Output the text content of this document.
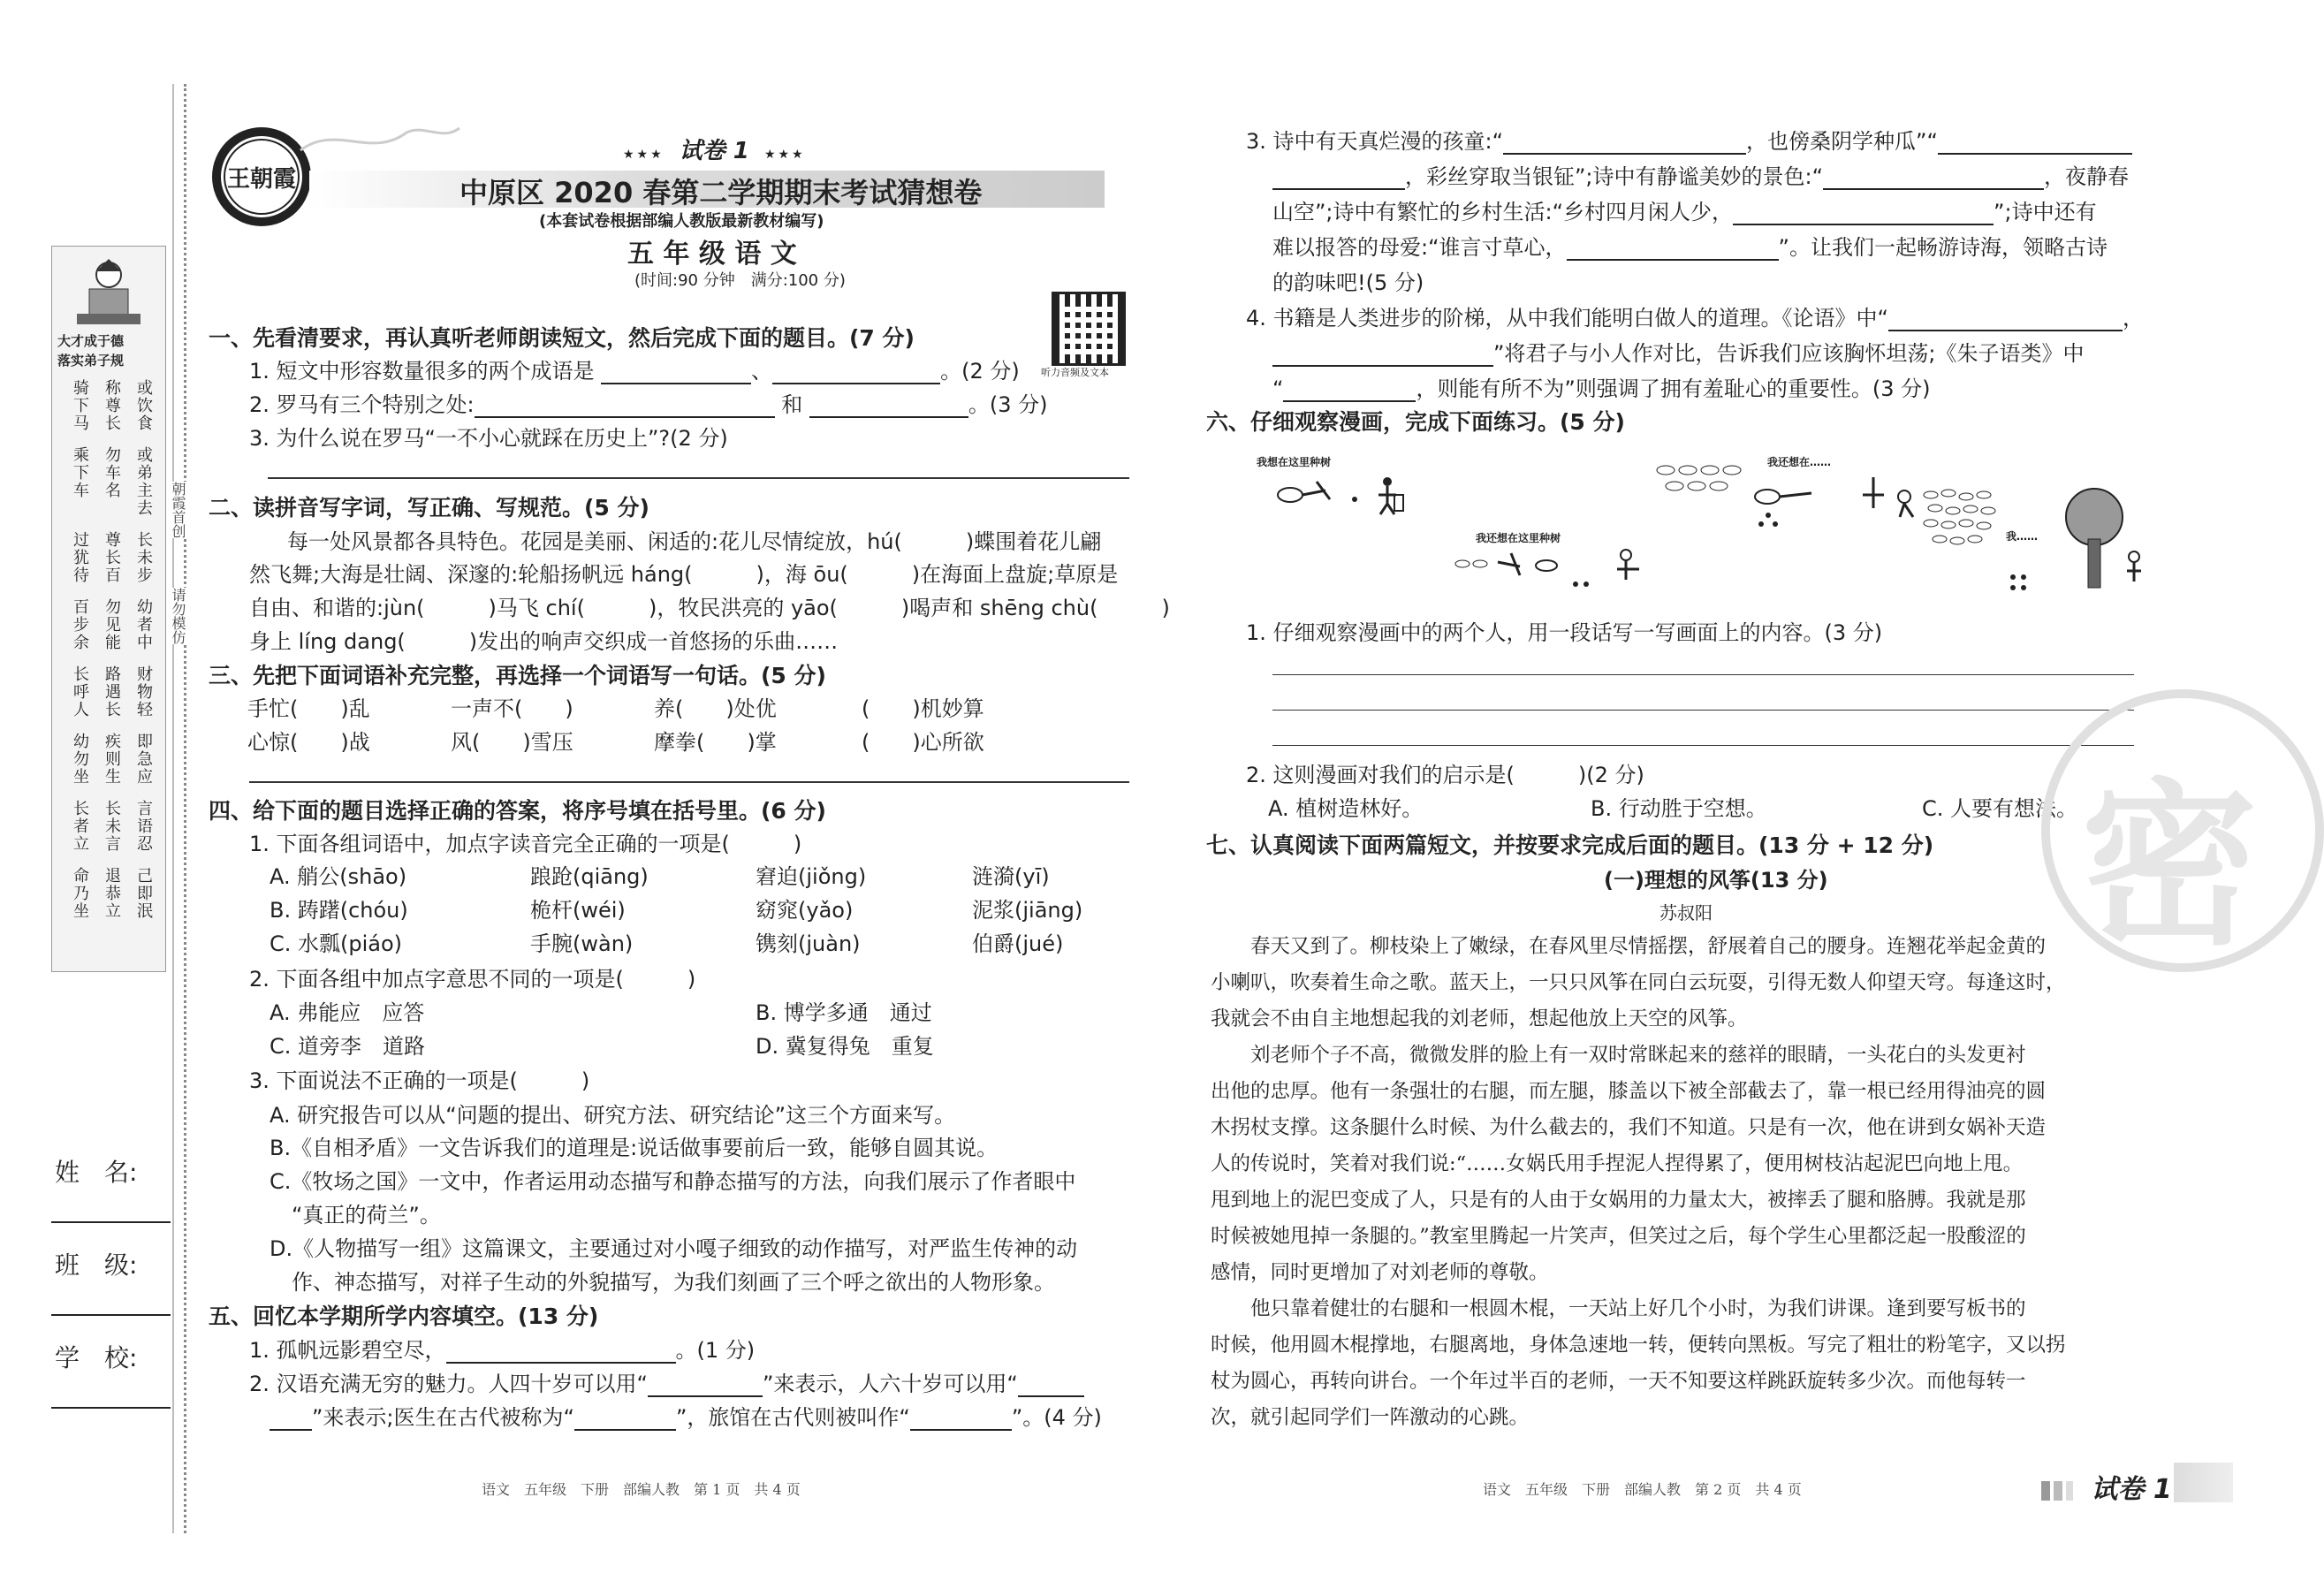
王朝霞
★★★ 试卷 1 ★★★
中原区 2020 春第二学期期末考试猜想卷
(本套试卷根据部编人教版最新教材编写)
五 年 级 语 文
(时间:90 分钟　满分:100 分)
听力音频及文本
大才成于德
落实弟子规
骑下马 称尊长 或饮食
乘下车 勿车名 或弟主去
过犹待 尊长百 长未步
百步余 勿见能 幼者中
长呼人 路遇长 财物轻
幼勿坐 疾则生 即急应
长者立 长未言 言语忍
命乃坐 退恭立 己即泯
朝霞首创
请勿模仿
姓　名:
班　级:
学　校:
一、先看清要求，再认真听老师朗读短文，然后完成下面的题目。(7 分)
1. 短文中形容数量很多的两个成语是	、	。(2 分)
2. 罗马有三个特别之处:	和	。(3 分)
3. 为什么说在罗马“一不小心就踩在历史上”?(2 分)
二、读拼音写字词，写正确、写规范。(5 分)
每一处风景都各具特色。花园是美丽、闲适的:花儿尽情绽放，hú(　　　)蝶围着花儿翩
然飞舞;大海是壮阔、深邃的:轮船扬帆远 háng(　　　)，海 ōu(　　　)在海面上盘旋;草原是
自由、和谐的:jùn(　　　)马飞 chí(　　　)，牧民洪亮的 yāo(　　　)喝声和 shēng chù(　　　)
身上 líng dang(　　　)发出的响声交织成一首悠扬的乐曲……
三、先把下面词语补充完整，再选择一个词语写一句话。(5 分)
手忙(　　)乱	一声不(　　)	养(　　)处优	(　　)机妙算
心惊(　　)战	风(　　)雪压	摩拳(　　)掌	(　　)心所欲
四、给下面的题目选择正确的答案，将序号填在括号里。(6 分)
1. 下面各组词语中，加点字读音完全正确的一项是(　　　)
A. 艄公(shāo)	踉跄(qiāng)	窘迫(jiǒng)	涟漪(yī)
B. 踌躇(chóu)	桅杆(wéi)	窈窕(yǎo)	泥浆(jiāng)
C. 水瓢(piáo)	手腕(wàn)	镌刻(juàn)	伯爵(jué)
2. 下面各组中加点字意思不同的一项是(　　　)
A. 弗能应　应答	B. 博学多通　通过
C. 道旁李　道路	D. 冀复得兔　重复
3. 下面说法不正确的一项是(　　　)
A. 研究报告可以从“问题的提出、研究方法、研究结论”这三个方面来写。
B.《自相矛盾》一文告诉我们的道理是:说话做事要前后一致，能够自圆其说。
C.《牧场之国》一文中，作者运用动态描写和静态描写的方法，向我们展示了作者眼中
“真正的荷兰”。
D.《人物描写一组》这篇课文，主要通过对小嘎子细致的动作描写，对严监生传神的动
作、神态描写，对祥子生动的外貌描写，为我们刻画了三个呼之欲出的人物形象。
五、回忆本学期所学内容填空。(13 分)
1. 孤帆远影碧空尽，	。(1 分)
2. 汉语充满无穷的魅力。人四十岁可以用“	”来表示，人六十岁可以用“
”来表示;医生在古代被称为“	”，旅馆在古代则被叫作“	”。(4 分)
语文　五年级　下册　部编人教　第 1 页　共 4 页
3. 诗中有天真烂漫的孩童:“	，也傍桑阴学种瓜”“
，彩丝穿取当银钲”;诗中有静谧美妙的景色:“	，夜静春
山空”;诗中有繁忙的乡村生活:“乡村四月闲人少，	”;诗中还有
难以报答的母爱:“谁言寸草心，	”。让我们一起畅游诗海，领略古诗
的韵味吧!(5 分)
4. 书籍是人类进步的阶梯，从中我们能明白做人的道理。《论语》中“	，
”将君子与小人作对比，告诉我们应该胸怀坦荡;《朱子语类》中
“	，则能有所不为”则强调了拥有羞耻心的重要性。(3 分)
六、仔细观察漫画，完成下面练习。(5 分)
我想在这里种树	我还想在……
我还想在这里种树	我……
1. 仔细观察漫画中的两个人，用一段话写一写画面上的内容。(3 分)
2. 这则漫画对我们的启示是(　　　)(2 分)
A. 植树造林好。	B. 行动胜于空想。	C. 人要有想法。
七、认真阅读下面两篇短文，并按要求完成后面的题目。(13 分 + 12 分)
(一)理想的风筝(13 分)
苏叔阳
春天又到了。柳枝染上了嫩绿，在春风里尽情摇摆，舒展着自己的腰身。连翘花举起金黄的
小喇叭，吹奏着生命之歌。蓝天上，一只只风筝在同白云玩耍，引得无数人仰望天穹。每逢这时，
我就会不由自主地想起我的刘老师，想起他放上天空的风筝。
刘老师个子不高，微微发胖的脸上有一双时常眯起来的慈祥的眼睛，一头花白的头发更衬
出他的忠厚。他有一条强壮的右腿，而左腿，膝盖以下被全部截去了，靠一根已经用得油亮的圆
木拐杖支撑。这条腿什么时候、为什么截去的，我们不知道。只是有一次，他在讲到女娲补天造
人的传说时，笑着对我们说:“……女娲氏用手捏泥人捏得累了，便用树枝沾起泥巴向地上甩。
甩到地上的泥巴变成了人，只是有的人由于女娲用的力量太大，被摔丢了腿和胳膊。我就是那
时候被她甩掉一条腿的。”教室里腾起一片笑声，但笑过之后，每个学生心里都泛起一股酸涩的
感情，同时更增加了对刘老师的尊敬。
他只靠着健壮的右腿和一根圆木棍，一天站上好几个小时，为我们讲课。逢到要写板书的
时候，他用圆木棍撑地，右腿离地，身体急速地一转，便转向黑板。写完了粗壮的粉笔字，又以拐
杖为圆心，再转向讲台。一个年过半百的老师，一天不知要这样跳跃旋转多少次。而他每转一
次，就引起同学们一阵激动的心跳。
密
语文　五年级　下册　部编人教　第 2 页　共 4 页	试卷 1
